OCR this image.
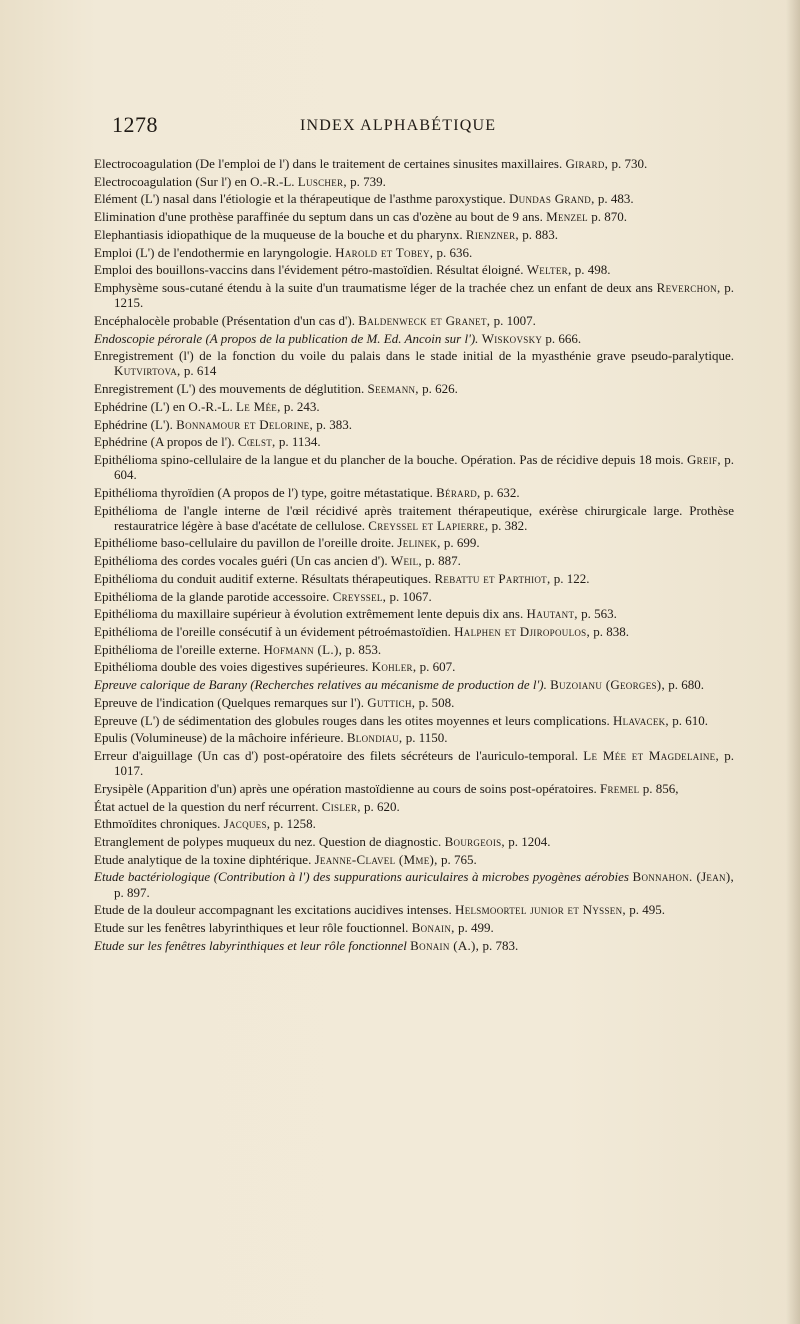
1278	INDEX ALPHABÉTIQUE

Electrocoagulation (De l'emploi de l') dans le traitement de certaines sinusites maxillaires. Girard, p. 730.

Electrocoagulation (Sur l') en O.-R.-L. Luscher, p. 739.

Elément (L') nasal dans l'étiologie et la thérapeutique de l'asthme paroxystique. Dundas Grand, p. 483.

Elimination d'une prothèse paraffinée du septum dans un cas d'ozène au bout de 9 ans. Menzel p. 870.

Elephantiasis idiopathique de la muqueuse de la bouche et du pharynx. Rienzner, p. 883.

Emploi (L') de l'endothermie en laryngologie. Harold et Tobey, p. 636.

Emploi des bouillons-vaccins dans l'évidement pétro-mastoïdien. Résultat éloigné. Welter, p. 498.

Emphysème sous-cutané étendu à la suite d'un traumatisme léger de la trachée chez un enfant de deux ans Reverchon, p. 1215.

Encéphalocèle probable (Présentation d'un cas d'). Baldenweck et Granet, p. 1007.

Endoscopie pérorale (A propos de la publication de M. Ed. Ancoin sur l'). Wiskovsky p. 666.

Enregistrement (l') de la fonction du voile du palais dans le stade initial de la myasthénie grave pseudo-paralytique. Kutvirtova, p. 614

Enregistrement (L') des mouvements de déglutition. Seemann, p. 626.

Ephédrine (L') en O.-R.-L. Le Mée, p. 243.

Ephédrine (L'). Bonnamour et Delorine, p. 383.

Ephédrine (A propos de l'). Cœlst, p. 1134.

Epithélioma spino-cellulaire de la langue et du plancher de la bouche. Opération. Pas de récidive depuis 18 mois. Greif, p. 604.

Epithélioma thyroïdien (A propos de l') type, goitre métastatique. Bérard, p. 632.

Epithélioma de l'angle interne de l'œil récidivé après traitement thérapeutique, exérèse chirurgicale large. Prothèse restauratrice légère à base d'acétate de cellulose. Creyssel et Lapierre, p. 382.

Epithéliome baso-cellulaire du pavillon de l'oreille droite. Jelinek, p. 699.

Epithélioma des cordes vocales guéri (Un cas ancien d'). Weil, p. 887.

Epithélioma du conduit auditif externe. Résultats thérapeutiques. Rebattu et Parthiot, p. 122.

Epithélioma de la glande parotide accessoire. Creyssel, p. 1067.

Epithélioma du maxillaire supérieur à évolution extrêmement lente depuis dix ans. Hautant, p. 563.

Epithélioma de l'oreille consécutif à un évidement pétroémastoïdien. Halphen et Djiropoulos, p. 838.

Epithélioma de l'oreille externe. Hofmann (L.), p. 853.

Epithélioma double des voies digestives supérieures. Kohler, p. 607.

Epreuve calorique de Barany (Recherches relatives au mécanisme de production de l'). Buzoianu (Georges), p. 680.

Epreuve de l'indication (Quelques remarques sur l'). Guttich, p. 508.

Epreuve (L') de sédimentation des globules rouges dans les otites moyennes et leurs complications. Hlavacek, p. 610.

Epulis (Volumineuse) de la mâchoire inférieure. Blondiau, p. 1150.

Erreur d'aiguillage (Un cas d') post-opératoire des filets sécréteurs de l'auriculo-temporal. Le Mée et Magdelaine, p. 1017.

Erysipèle (Apparition d'un) après une opération mastoïdienne au cours de soins post-opératoires. Fremel p. 856,

État actuel de la question du nerf récurrent. Cisler, p. 620.

Ethmoïdites chroniques. Jacques, p. 1258.

Etranglement de polypes muqueux du nez. Question de diagnostic. Bourgeois, p. 1204.

Etude analytique de la toxine diphtérique. Jeanne-Clavel (Mme), p. 765.

Etude bactériologique (Contribution à l') des suppurations auriculaires à microbes pyogènes aérobies Bonnahon. (Jean), p. 897.

Etude de la douleur accompagnant les excitations aucidives intenses. Helsmoortel junior et Nyssen, p. 495.

Etude sur les fenêtres labyrinthiques et leur rôle fouctionnel. Bonain, p. 499.

Etude sur les fenêtres labyrinthiques et leur rôle fonctionnel Bonain (A.), p. 783.
